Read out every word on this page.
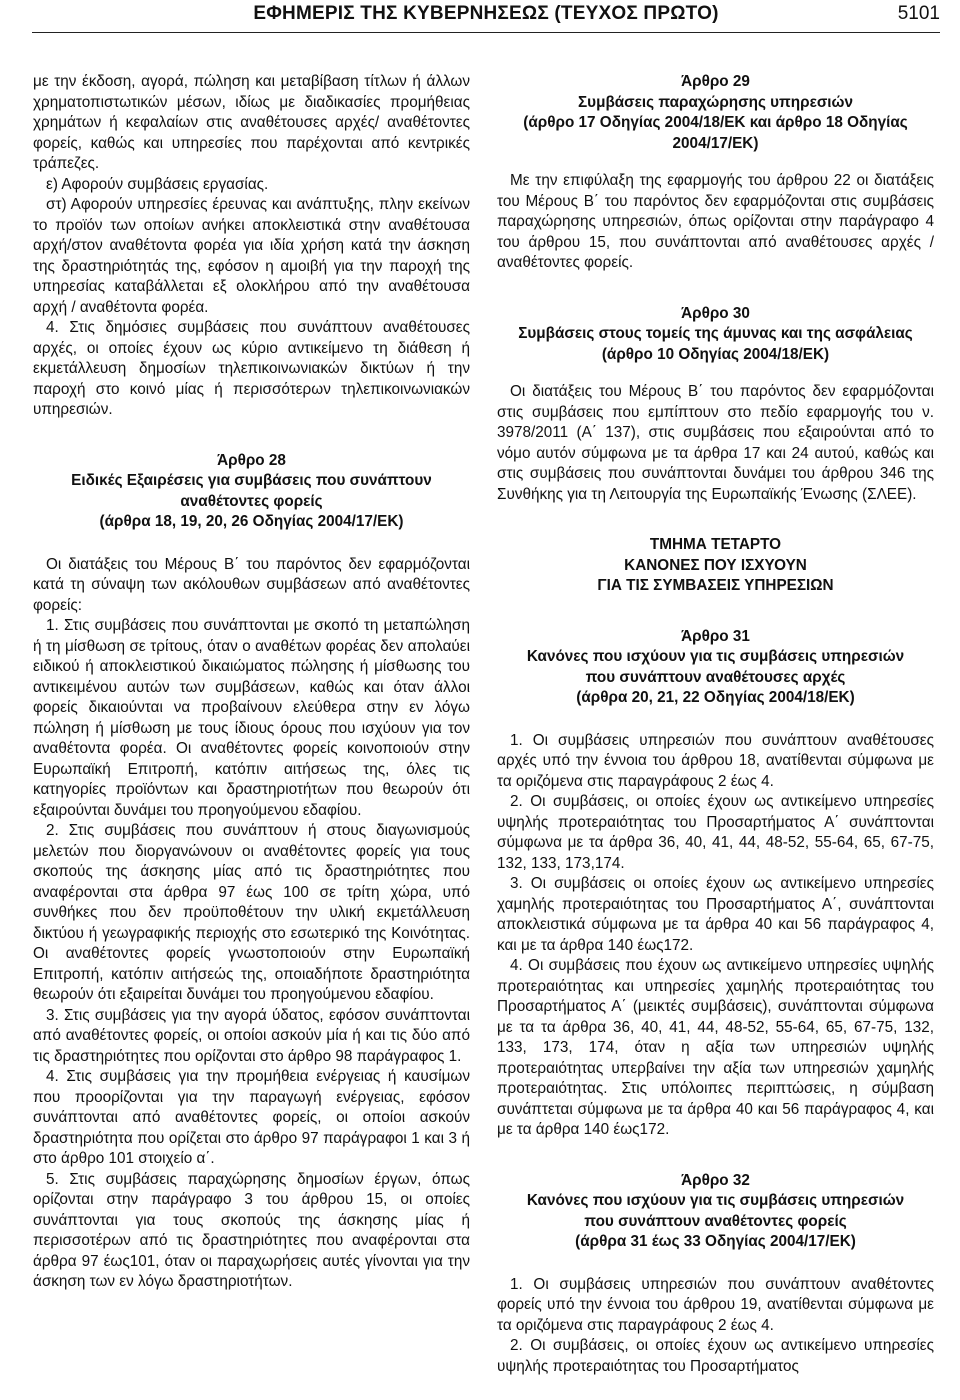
ΕΦΗΜΕΡΙΣ ΤΗΣ ΚΥΒΕΡΝΗΣΕΩΣ (ΤΕΥΧΟΣ ΠΡΩΤΟ)	5101

με την έκδοση, αγορά, πώληση και μεταβίβαση τίτλων ή άλλων χρηματοπιστωτικών μέσων, ιδίως με διαδικασίες προμήθειας χρημάτων ή κεφαλαίων στις αναθέτουσες αρχές/ αναθέτοντες φορείς, καθώς και υπηρεσίες που παρέχονται από κεντρικές τράπεζες.

ε) Αφορούν συμβάσεις εργασίας.

στ) Αφορούν υπηρεσίες έρευνας και ανάπτυξης, πλην εκείνων το προϊόν των οποίων ανήκει αποκλειστικά στην αναθέτουσα αρχή/στον αναθέτοντα φορέα για ιδία χρήση κατά την άσκηση της δραστηριότητάς της, εφόσον η αμοιβή για την παροχή της υπηρεσίας καταβάλλεται εξ ολοκλήρου από την αναθέτουσα αρχή / αναθέτοντα φορέα.

4. Στις δημόσιες συμβάσεις που συνάπτουν αναθέτουσες αρχές, οι οποίες έχουν ως κύριο αντικείμενο τη διάθεση ή εκμετάλλευση δημοσίων τηλεπικοινωνιακών δικτύων ή την παροχή στο κοινό μίας ή περισσότερων τηλεπικοινωνιακών υπηρεσιών.

Άρθρο 28
Ειδικές Εξαιρέσεις για συμβάσεις που συνάπτουν
αναθέτοντες φορείς
(άρθρα 18, 19, 20, 26 Οδηγίας 2004/17/ΕΚ)

Οι διατάξεις του Μέρους Β΄ του παρόντος δεν εφαρμόζονται κατά τη σύναψη των ακόλουθων συμβάσεων από αναθέτοντες φορείς:

1. Στις συμβάσεις που συνάπτονται με σκοπό τη μεταπώληση ή τη μίσθωση σε τρίτους, όταν ο αναθέτων φορέας δεν απολαύει ειδικού ή αποκλειστικού δικαιώματος πώλησης ή μίσθωσης του αντικειμένου αυτών των συμβάσεων, καθώς και όταν άλλοι φορείς δικαιούνται να προβαίνουν ελεύθερα στην εν λόγω πώληση ή μίσθωση με τους ίδιους όρους που ισχύουν για τον αναθέτοντα φορέα. Οι αναθέτοντες φορείς κοινοποιούν στην Ευρωπαϊκή Επιτροπή, κατόπιν αιτήσεως της, όλες τις κατηγορίες προϊόντων και δραστηριοτήτων που θεωρούν ότι εξαιρούνται δυνάμει του προηγούμενου εδαφίου.

2. Στις συμβάσεις που συνάπτουν ή στους διαγωνισμούς μελετών που διοργανώνουν οι αναθέτοντες φορείς για τους σκοπούς της άσκησης μίας από τις δραστηριότητες που αναφέρονται στα άρθρα 97 έως 100 σε τρίτη χώρα, υπό συνθήκες που δεν προϋποθέτουν την υλική εκμετάλλευση δικτύου ή γεωγραφικής περιοχής στο εσωτερικό της Κοινότητας. Οι αναθέτοντες φορείς γνωστοποιούν στην Ευρωπαϊκή Επιτροπή, κατόπιν αιτήσεώς της, οποιαδήποτε δραστηριότητα θεωρούν ότι εξαιρείται δυνάμει του προηγούμενου εδαφίου.

3. Στις συμβάσεις για την αγορά ύδατος, εφόσον συνάπτονται από αναθέτοντες φορείς, οι οποίοι ασκούν μία ή και τις δύο από τις δραστηριότητες που ορίζονται στο άρθρο 98 παράγραφος 1.

4. Στις συμβάσεις για την προμήθεια ενέργειας ή καυσίμων που προορίζονται για την παραγωγή ενέργειας, εφόσον συνάπτονται από αναθέτοντες φορείς, οι οποίοι ασκούν δραστηριότητα που ορίζεται στο άρθρο 97 παράγραφοι 1 και 3 ή στο άρθρο 101 στοιχείο α΄.

5. Στις συμβάσεις παραχώρησης δημοσίων έργων, όπως ορίζονται στην παράγραφο 3 του άρθρου 15, οι οποίες συνάπτονται για τους σκοπούς της άσκησης μίας ή περισσοτέρων από τις δραστηριότητες που αναφέρονται στα άρθρα 97 έως101, όταν οι παραχωρήσεις αυτές γίνονται για την άσκηση των εν λόγω δραστηριοτήτων.

Άρθρο 29
Συμβάσεις παραχώρησης υπηρεσιών
(άρθρο 17 Οδηγίας 2004/18/ΕΚ και άρθρο 18 Οδηγίας
2004/17/ΕΚ)

Με την επιφύλαξη της εφαρμογής του άρθρου 22 οι διατάξεις του Μέρους Β΄ του παρόντος δεν εφαρμόζονται στις συμβάσεις παραχώρησης υπηρεσιών, όπως ορίζονται στην παράγραφο 4 του άρθρου 15, που συνάπτονται από αναθέτουσες αρχές / αναθέτοντες φορείς.

Άρθρο 30
Συμβάσεις στους τομείς της άμυνας και της ασφάλειας
(άρθρο 10 Οδηγίας 2004/18/ΕΚ)

Οι διατάξεις του Μέρους Β΄ του παρόντος δεν εφαρμόζονται στις συμβάσεις που εμπίπτουν στο πεδίο εφαρμογής του ν. 3978/2011 (Α΄ 137), στις συμβάσεις που εξαιρούνται από το νόμο αυτόν σύμφωνα με τα άρθρα 17 και 24 αυτού, καθώς και στις συμβάσεις που συνάπτονται δυνάμει του άρθρου 346 της Συνθήκης για τη Λειτουργία της Ευρωπαϊκής Ένωσης (ΣΛΕΕ).

ΤΜΗΜΑ ΤΕΤΑΡΤΟ
ΚΑΝΟΝΕΣ ΠΟΥ ΙΣΧΥΟΥΝ
ΓΙΑ ΤΙΣ ΣΥΜΒΑΣΕΙΣ ΥΠΗΡΕΣΙΩΝ
Άρθρο 31
Κανόνες που ισχύουν για τις συμβάσεις υπηρεσιών
που συνάπτουν αναθέτουσες αρχές
(άρθρα 20, 21, 22 Οδηγίας 2004/18/ΕΚ)

1. Οι συμβάσεις υπηρεσιών που συνάπτουν αναθέτουσες αρχές υπό την έννοια του άρθρου 18, ανατίθενται σύμφωνα με τα οριζόμενα στις παραγράφους 2 έως 4.

2. Οι συμβάσεις, οι οποίες έχουν ως αντικείμενο υπηρεσίες υψηλής προτεραιότητας του Προσαρτήματος Α΄ συνάπτονται σύμφωνα με τα άρθρα 36, 40, 41, 44, 48-52, 55-64, 65, 67-75, 132, 133, 173,174.

3. Οι συμβάσεις οι οποίες έχουν ως αντικείμενο υπηρεσίες χαμηλής προτεραιότητας του Προσαρτήματος Α΄, συνάπτονται αποκλειστικά σύμφωνα με τα άρθρα 40 και 56 παράγραφος 4, και με τα άρθρα 140 έως172.

4. Οι συμβάσεις που έχουν ως αντικείμενο υπηρεσίες υψηλής προτεραιότητας και υπηρεσίες χαμηλής προτεραιότητας του Προσαρτήματος Α΄ (μεικτές συμβάσεις), συνάπτονται σύμφωνα με τα τα άρθρα 36, 40, 41, 44, 48-52, 55-64, 65, 67-75, 132, 133, 173, 174, όταν η αξία των υπηρεσιών υψηλής προτεραιότητας υπερβαίνει την αξία των υπηρεσιών χαμηλής προτεραιότητας. Στις υπόλοιπες περιπτώσεις, η σύμβαση συνάπτεται σύμφωνα με τα άρθρα 40 και 56 παράγραφος 4, και με τα άρθρα 140 έως172.

Άρθρο 32
Κανόνες που ισχύουν για τις συμβάσεις υπηρεσιών
που συνάπτουν αναθέτοντες φορείς
(άρθρα 31 έως 33 Οδηγίας 2004/17/ΕΚ)

1. Οι συμβάσεις υπηρεσιών που συνάπτουν αναθέτοντες φορείς υπό την έννοια του άρθρου 19, ανατίθενται σύμφωνα με τα οριζόμενα στις παραγράφους 2 έως 4.

2. Οι συμβάσεις, οι οποίες έχουν ως αντικείμενο υπηρεσίες υψηλής προτεραιότητας του Προσαρτήματος
